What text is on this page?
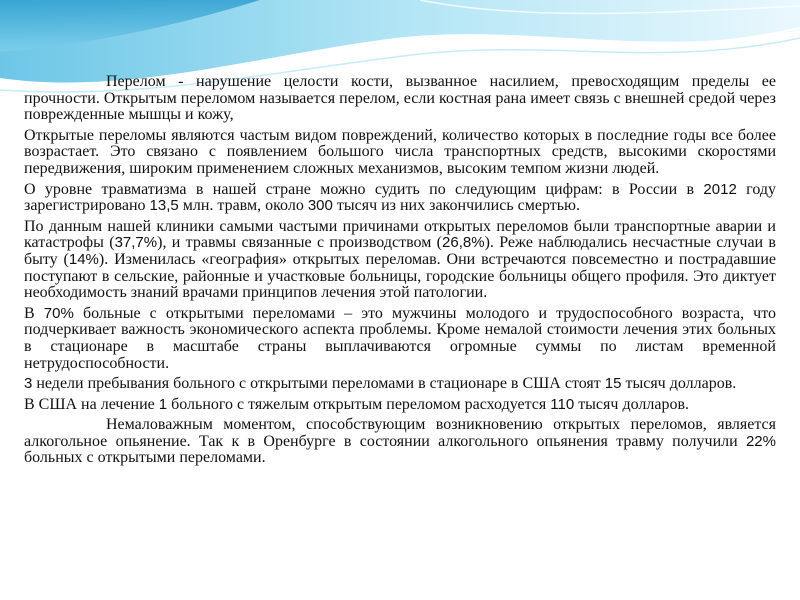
Перелом - нарушение целости кости, вызванное насилием, превосходящим пределы ее прочности. Открытым переломом называется перелом, если костная рана имеет связь с внешней средой через поврежденные мышцы и кожу,

Открытые переломы являются частым видом повреждений, количество которых в последние годы все более возрастает. Это связано с появлением большого числа транспортных средств, высокими скоростями передвижения, широким применением сложных механизмов, высоким темпом жизни людей.

О уровне травматизма в нашей стране можно судить по следующим цифрам: в России в 2012 году зарегистрировано 13,5 млн. травм, около 300 тысяч из них закончились смертью.

По данным нашей клиники самыми частыми причинами открытых переломов были транспортные аварии и катастрофы (37,7%), и травмы связанные с производством (26,8%). Реже наблюдались несчастные случаи в быту (14%). Изменилась «география» открытых переломав. Они встречаются повсеместно и пострадавшие поступают в сельские, районные и участковые больницы, городские больницы общего профиля. Это диктует необходимость знаний врачами принципов лечения этой патологии.

В 70% больные с открытыми переломами – это мужчины молодого и трудоспособного возраста, что подчеркивает важность экономического аспекта проблемы. Кроме немалой стоимости лечения этих больных в стационаре в масштабе страны выплачиваются огромные суммы по листам временной нетрудоспособности.

3 недели пребывания больного с открытыми переломами в стационаре в США стоят 15 тысяч долларов.

В США на лечение 1 больного с тяжелым открытым переломом расходуется 110 тысяч долларов.

Немаловажным моментом, способствующим возникновению открытых переломов, является алкогольное опьянение. Так к в Оренбурге в состоянии алкогольного опьянения травму получили 22% больных с открытыми переломами.
